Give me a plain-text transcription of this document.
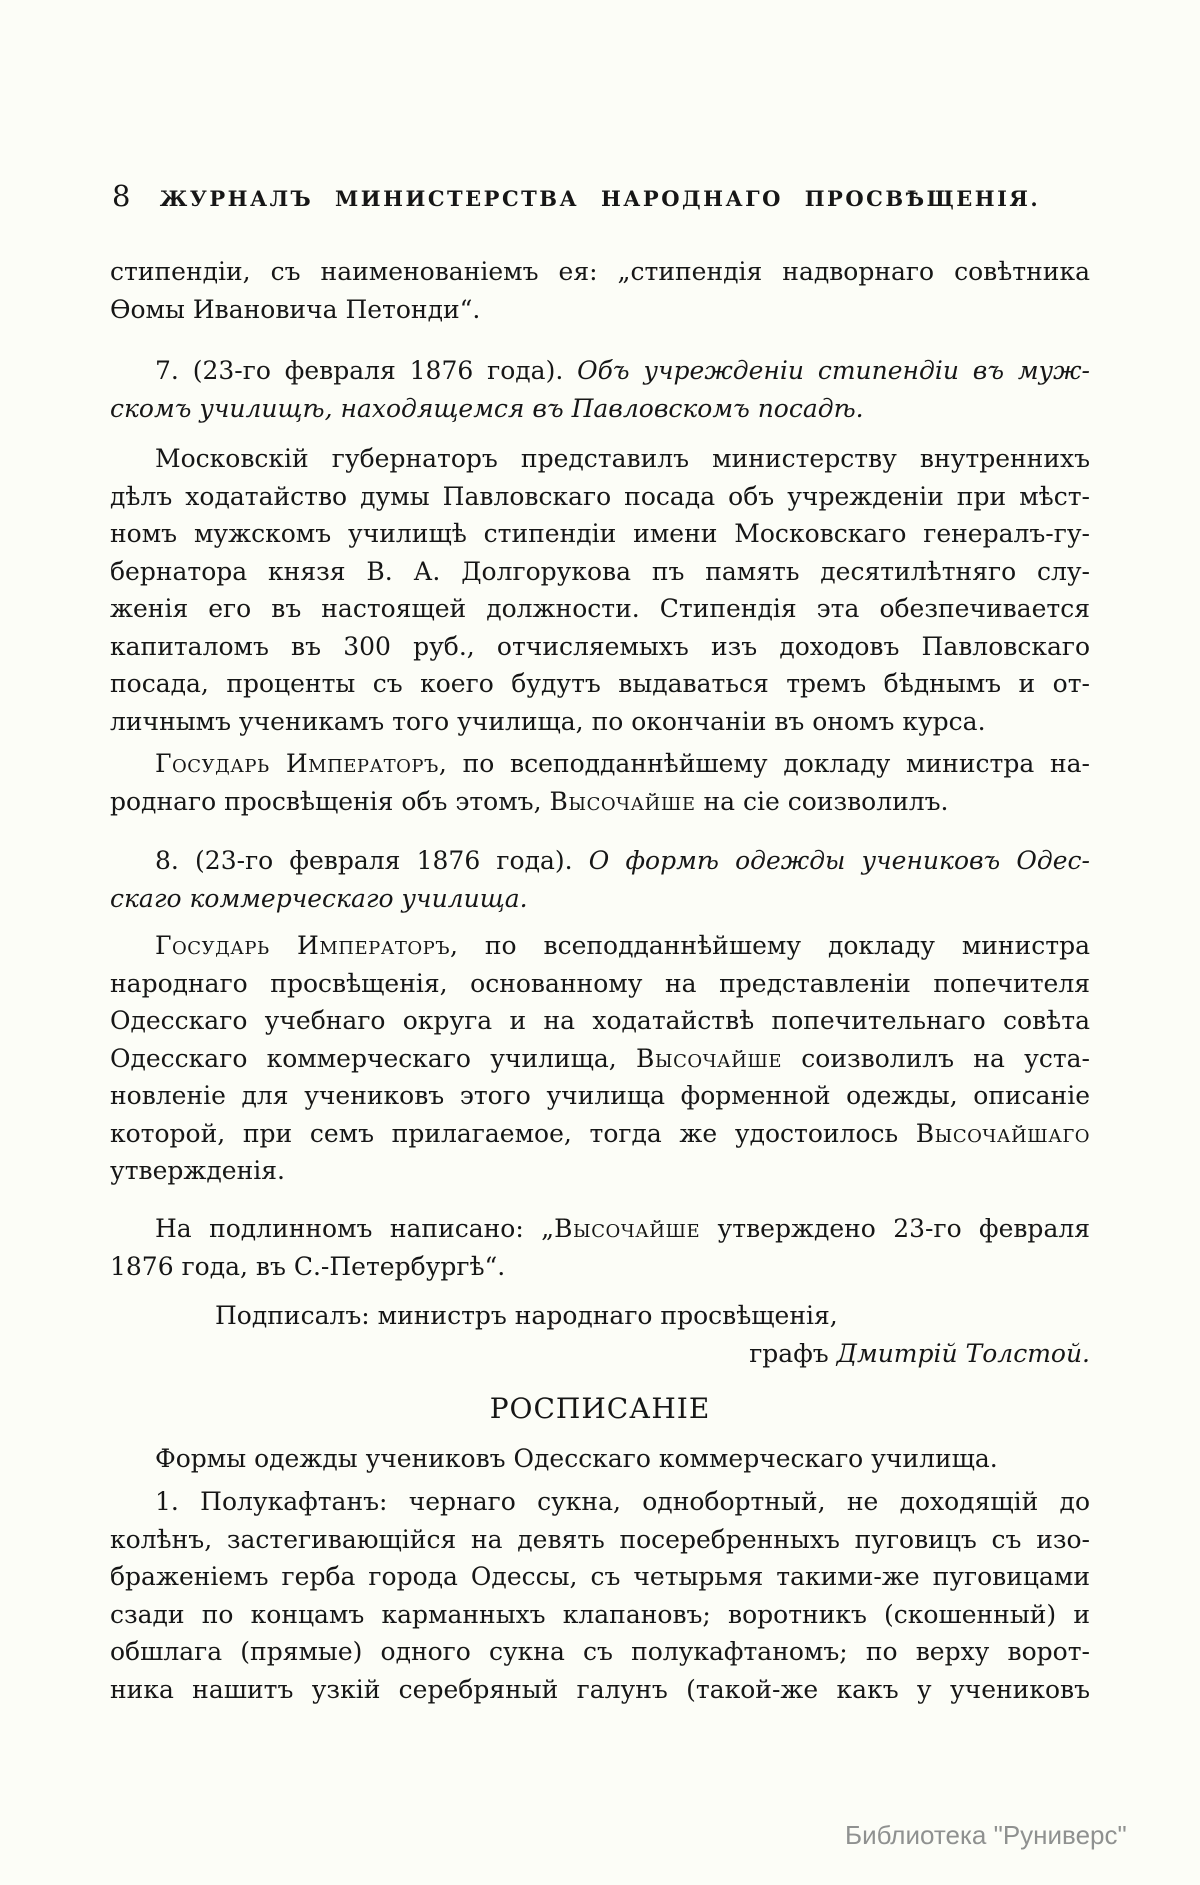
8	ЖУРНАЛЪ МИНИСТЕРСТВА НАРОДНАГО ПРОСВѢЩЕНІЯ.
стипендіи, съ наименованіемъ ея: „стипендія надворнаго совѣтника
Ѳомы Ивановича Петонди“.
7. (23-го февраля 1876 года). Объ учрежденіи стипендіи въ муж-
скомъ училищѣ, находящемся въ Павловскомъ посадѣ.
Московскій губернаторъ представилъ министерству внутреннихъ
дѣлъ ходатайство думы Павловскаго посада объ учрежденіи при мѣст-
номъ мужскомъ училищѣ стипендіи имени Московскаго генералъ-гу-
бернатора князя В. А. Долгорукова пъ память десятилѣтняго слу-
женія его въ настоящей должности. Стипендія эта обезпечивается
капиталомъ въ 300 руб., отчисляемыхъ изъ доходовъ Павловскаго
посада, проценты съ коего будутъ выдаваться тремъ бѣднымъ и от-
личнымъ ученикамъ того училища, по окончаніи въ ономъ курса.
Государь Императоръ, по всеподданнѣйшему докладу министра на-
роднаго просвѣщенія объ этомъ, Высочайше на сіе соизволилъ.
8. (23-го февраля 1876 года). О формѣ одежды учениковъ Одес-
скаго коммерческаго училища.
Государь Императоръ, по всеподданнѣйшему докладу министра
народнаго просвѣщенія, основанному на представленіи попечителя
Одесскаго учебнаго округа и на ходатайствѣ попечительнаго совѣта
Одесскаго коммерческаго училища, Высочайше соизволилъ на уста-
новленіе для учениковъ этого училища форменной одежды, описаніе
которой, при семъ прилагаемое, тогда же удостоилось Высочайшаго
утвержденія.
На подлинномъ написано: „Высочайше утверждено 23-го февраля
1876 года, въ С.-Петербургѣ“.
Подписалъ: министръ народнаго просвѣщенія,
графъ Дмитрій Толстой.
РОСПИСАНІЕ
Формы одежды учениковъ Одесскаго коммерческаго училища.
1. Полукафтанъ: чернаго сукна, однобортный, не доходящій до
колѣнъ, застегивающійся на девять посеребренныхъ пуговицъ съ изо-
браженіемъ герба города Одессы, съ четырьмя такими-же пуговицами
сзади по концамъ карманныхъ клапановъ; воротникъ (скошенный) и
обшлага (прямые) одного сукна съ полукафтаномъ; по верху ворот-
ника нашитъ узкій серебряный галунъ (такой-же какъ у учениковъ
Библиотека "Руниверс"
